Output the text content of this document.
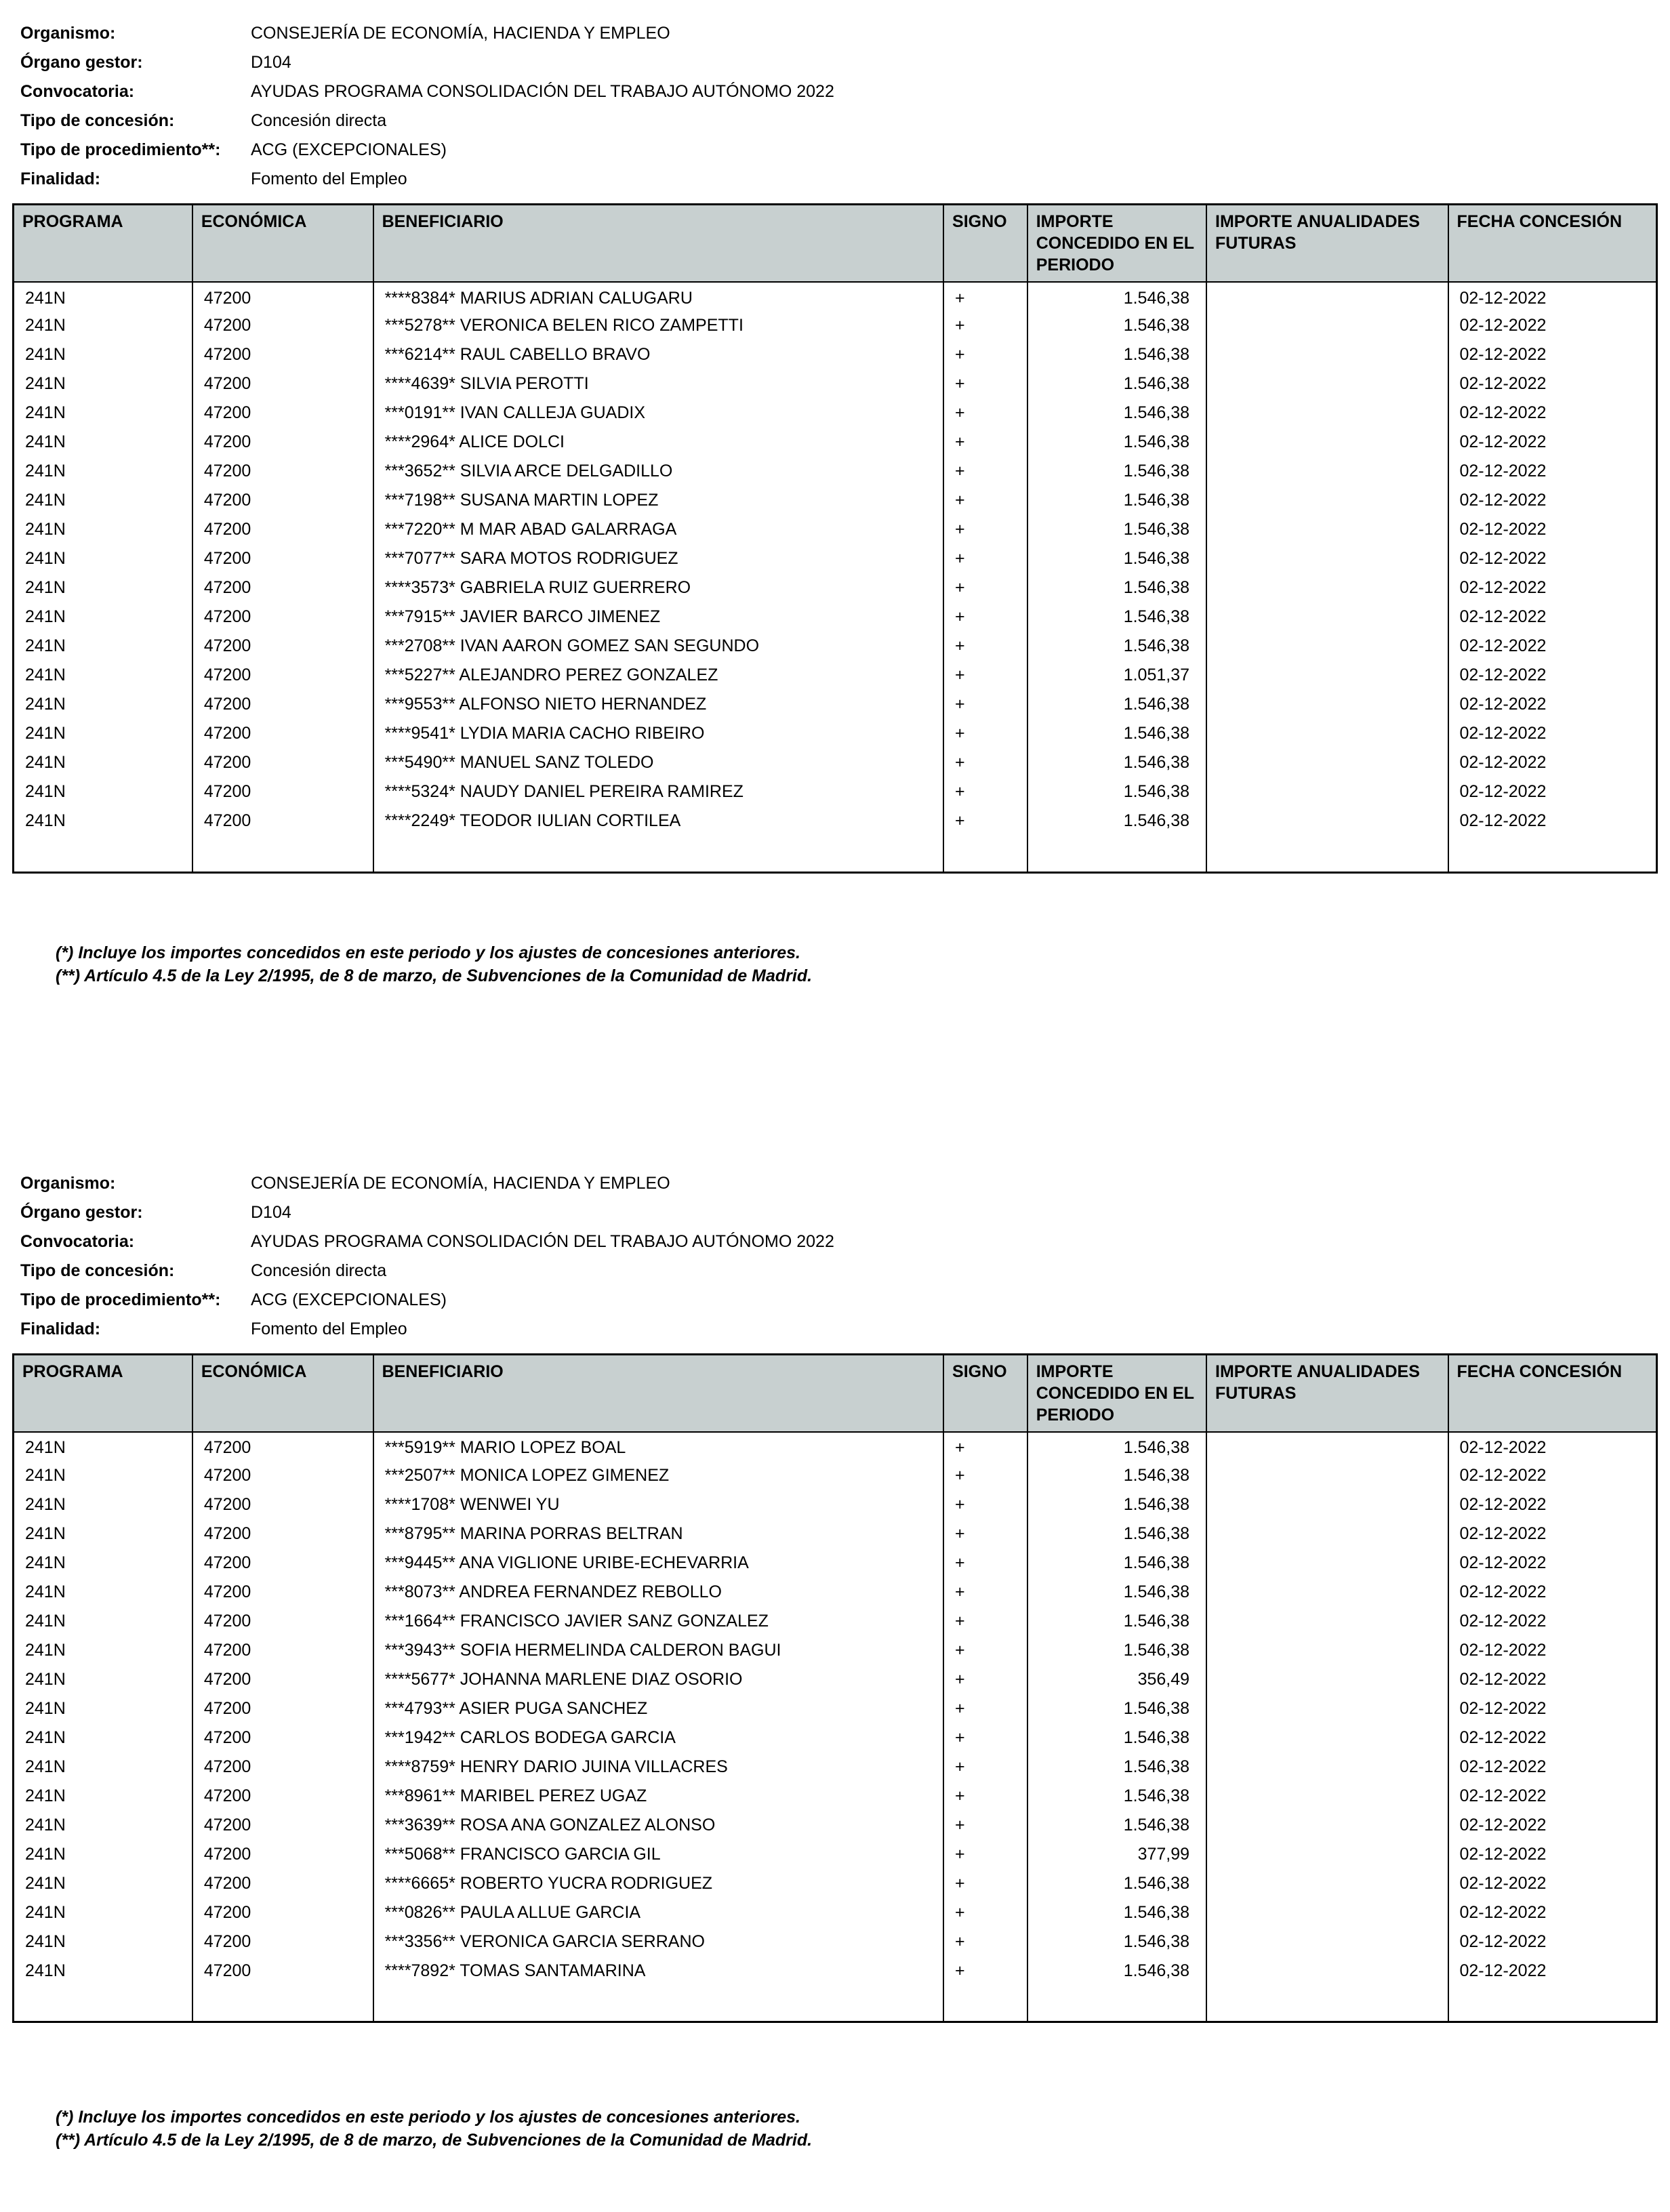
Organismo:	CONSEJERÍA DE ECONOMÍA, HACIENDA Y EMPLEO
Órgano gestor:	D104
Convocatoria:	AYUDAS PROGRAMA CONSOLIDACIÓN DEL TRABAJO AUTÓNOMO 2022
Tipo de concesión:	Concesión directa
Tipo de procedimiento**:	ACG (EXCEPCIONALES)
Finalidad:	Fomento del Empleo
PROGRAMA	ECONÓMICA	BENEFICIARIO	SIGNO	IMPORTE CONCEDIDO EN EL PERIODO	IMPORTE ANUALIDADES FUTURAS	FECHA CONCESIÓN
241N	47200	****8384* MARIUS ADRIAN CALUGARU	+	1.546,38		02-12-2022
241N	47200	***5278** VERONICA BELEN RICO ZAMPETTI	+	1.546,38		02-12-2022
241N	47200	***6214** RAUL CABELLO BRAVO	+	1.546,38		02-12-2022
241N	47200	****4639* SILVIA PEROTTI	+	1.546,38		02-12-2022
241N	47200	***0191** IVAN CALLEJA GUADIX	+	1.546,38		02-12-2022
241N	47200	****2964* ALICE DOLCI	+	1.546,38		02-12-2022
241N	47200	***3652** SILVIA ARCE DELGADILLO	+	1.546,38		02-12-2022
241N	47200	***7198** SUSANA MARTIN LOPEZ	+	1.546,38		02-12-2022
241N	47200	***7220** M MAR ABAD GALARRAGA	+	1.546,38		02-12-2022
241N	47200	***7077** SARA MOTOS RODRIGUEZ	+	1.546,38		02-12-2022
241N	47200	****3573* GABRIELA RUIZ GUERRERO	+	1.546,38		02-12-2022
241N	47200	***7915** JAVIER BARCO JIMENEZ	+	1.546,38		02-12-2022
241N	47200	***2708** IVAN AARON GOMEZ SAN SEGUNDO	+	1.546,38		02-12-2022
241N	47200	***5227** ALEJANDRO PEREZ GONZALEZ	+	1.051,37		02-12-2022
241N	47200	***9553** ALFONSO NIETO HERNANDEZ	+	1.546,38		02-12-2022
241N	47200	****9541* LYDIA MARIA CACHO RIBEIRO	+	1.546,38		02-12-2022
241N	47200	***5490** MANUEL SANZ TOLEDO	+	1.546,38		02-12-2022
241N	47200	****5324* NAUDY DANIEL PEREIRA RAMIREZ	+	1.546,38		02-12-2022
241N	47200	****2249* TEODOR IULIAN CORTILEA	+	1.546,38		02-12-2022

(*) Incluye los importes concedidos en este periodo y los ajustes de concesiones anteriores.
(**) Artículo 4.5 de la Ley 2/1995, de 8 de marzo, de Subvenciones de la Comunidad de Madrid.
Organismo:	CONSEJERÍA DE ECONOMÍA, HACIENDA Y EMPLEO
Órgano gestor:	D104
Convocatoria:	AYUDAS PROGRAMA CONSOLIDACIÓN DEL TRABAJO AUTÓNOMO 2022
Tipo de concesión:	Concesión directa
Tipo de procedimiento**:	ACG (EXCEPCIONALES)
Finalidad:	Fomento del Empleo
PROGRAMA	ECONÓMICA	BENEFICIARIO	SIGNO	IMPORTE CONCEDIDO EN EL PERIODO	IMPORTE ANUALIDADES FUTURAS	FECHA CONCESIÓN
241N	47200	***5919** MARIO LOPEZ BOAL	+	1.546,38		02-12-2022
241N	47200	***2507** MONICA LOPEZ GIMENEZ	+	1.546,38		02-12-2022
241N	47200	****1708* WENWEI YU	+	1.546,38		02-12-2022
241N	47200	***8795** MARINA PORRAS BELTRAN	+	1.546,38		02-12-2022
241N	47200	***9445** ANA VIGLIONE URIBE-ECHEVARRIA	+	1.546,38		02-12-2022
241N	47200	***8073** ANDREA FERNANDEZ REBOLLO	+	1.546,38		02-12-2022
241N	47200	***1664** FRANCISCO JAVIER SANZ GONZALEZ	+	1.546,38		02-12-2022
241N	47200	***3943** SOFIA HERMELINDA CALDERON BAGUI	+	1.546,38		02-12-2022
241N	47200	****5677* JOHANNA MARLENE DIAZ OSORIO	+	356,49		02-12-2022
241N	47200	***4793** ASIER PUGA SANCHEZ	+	1.546,38		02-12-2022
241N	47200	***1942** CARLOS BODEGA GARCIA	+	1.546,38		02-12-2022
241N	47200	****8759* HENRY DARIO JUINA VILLACRES	+	1.546,38		02-12-2022
241N	47200	***8961** MARIBEL PEREZ UGAZ	+	1.546,38		02-12-2022
241N	47200	***3639** ROSA ANA GONZALEZ ALONSO	+	1.546,38		02-12-2022
241N	47200	***5068** FRANCISCO GARCIA GIL	+	377,99		02-12-2022
241N	47200	****6665* ROBERTO YUCRA RODRIGUEZ	+	1.546,38		02-12-2022
241N	47200	***0826** PAULA ALLUE GARCIA	+	1.546,38		02-12-2022
241N	47200	***3356** VERONICA GARCIA SERRANO	+	1.546,38		02-12-2022
241N	47200	****7892* TOMAS SANTAMARINA	+	1.546,38		02-12-2022

(*) Incluye los importes concedidos en este periodo y los ajustes de concesiones anteriores.
(**) Artículo 4.5 de la Ley 2/1995, de 8 de marzo, de Subvenciones de la Comunidad de Madrid.
